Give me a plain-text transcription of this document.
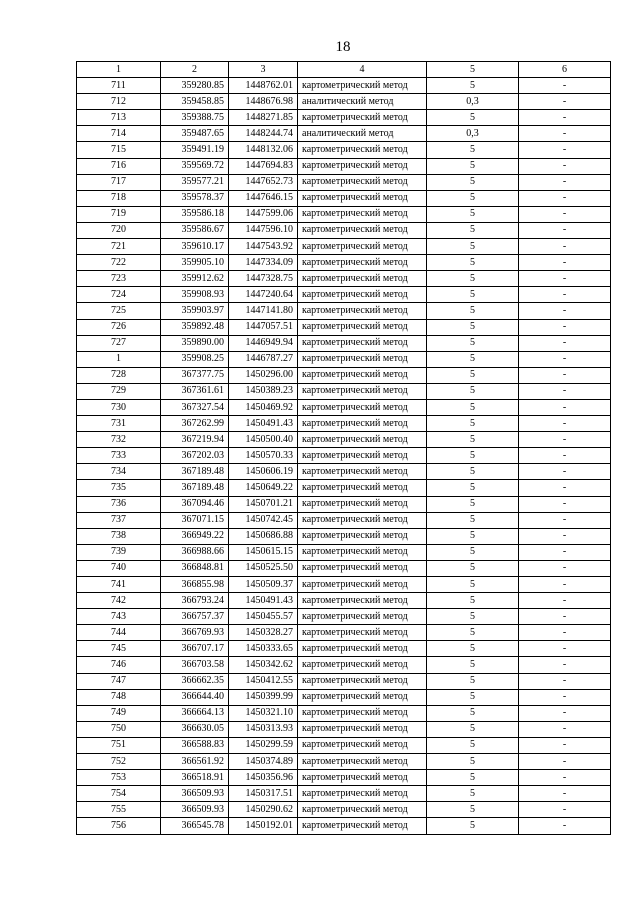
18
1	2	3	4	5	6
711	359280.85	1448762.01	картометрический метод	5	-
712	359458.85	1448676.98	аналитический метод	0,3	-
713	359388.75	1448271.85	картометрический метод	5	-
714	359487.65	1448244.74	аналитический метод	0,3	-
715	359491.19	1448132.06	картометрический метод	5	-
716	359569.72	1447694.83	картометрический метод	5	-
717	359577.21	1447652.73	картометрический метод	5	-
718	359578.37	1447646.15	картометрический метод	5	-
719	359586.18	1447599.06	картометрический метод	5	-
720	359586.67	1447596.10	картометрический метод	5	-
721	359610.17	1447543.92	картометрический метод	5	-
722	359905.10	1447334.09	картометрический метод	5	-
723	359912.62	1447328.75	картометрический метод	5	-
724	359908.93	1447240.64	картометрический метод	5	-
725	359903.97	1447141.80	картометрический метод	5	-
726	359892.48	1447057.51	картометрический метод	5	-
727	359890.00	1446949.94	картометрический метод	5	-
1	359908.25	1446787.27	картометрический метод	5	-
728	367377.75	1450296.00	картометрический метод	5	-
729	367361.61	1450389.23	картометрический метод	5	-
730	367327.54	1450469.92	картометрический метод	5	-
731	367262.99	1450491.43	картометрический метод	5	-
732	367219.94	1450500.40	картометрический метод	5	-
733	367202.03	1450570.33	картометрический метод	5	-
734	367189.48	1450606.19	картометрический метод	5	-
735	367189.48	1450649.22	картометрический метод	5	-
736	367094.46	1450701.21	картометрический метод	5	-
737	367071.15	1450742.45	картометрический метод	5	-
738	366949.22	1450686.88	картометрический метод	5	-
739	366988.66	1450615.15	картометрический метод	5	-
740	366848.81	1450525.50	картометрический метод	5	-
741	366855.98	1450509.37	картометрический метод	5	-
742	366793.24	1450491.43	картометрический метод	5	-
743	366757.37	1450455.57	картометрический метод	5	-
744	366769.93	1450328.27	картометрический метод	5	-
745	366707.17	1450333.65	картометрический метод	5	-
746	366703.58	1450342.62	картометрический метод	5	-
747	366662.35	1450412.55	картометрический метод	5	-
748	366644.40	1450399.99	картометрический метод	5	-
749	366664.13	1450321.10	картометрический метод	5	-
750	366630.05	1450313.93	картометрический метод	5	-
751	366588.83	1450299.59	картометрический метод	5	-
752	366561.92	1450374.89	картометрический метод	5	-
753	366518.91	1450356.96	картометрический метод	5	-
754	366509.93	1450317.51	картометрический метод	5	-
755	366509.93	1450290.62	картометрический метод	5	-
756	366545.78	1450192.01	картометрический метод	5	-
